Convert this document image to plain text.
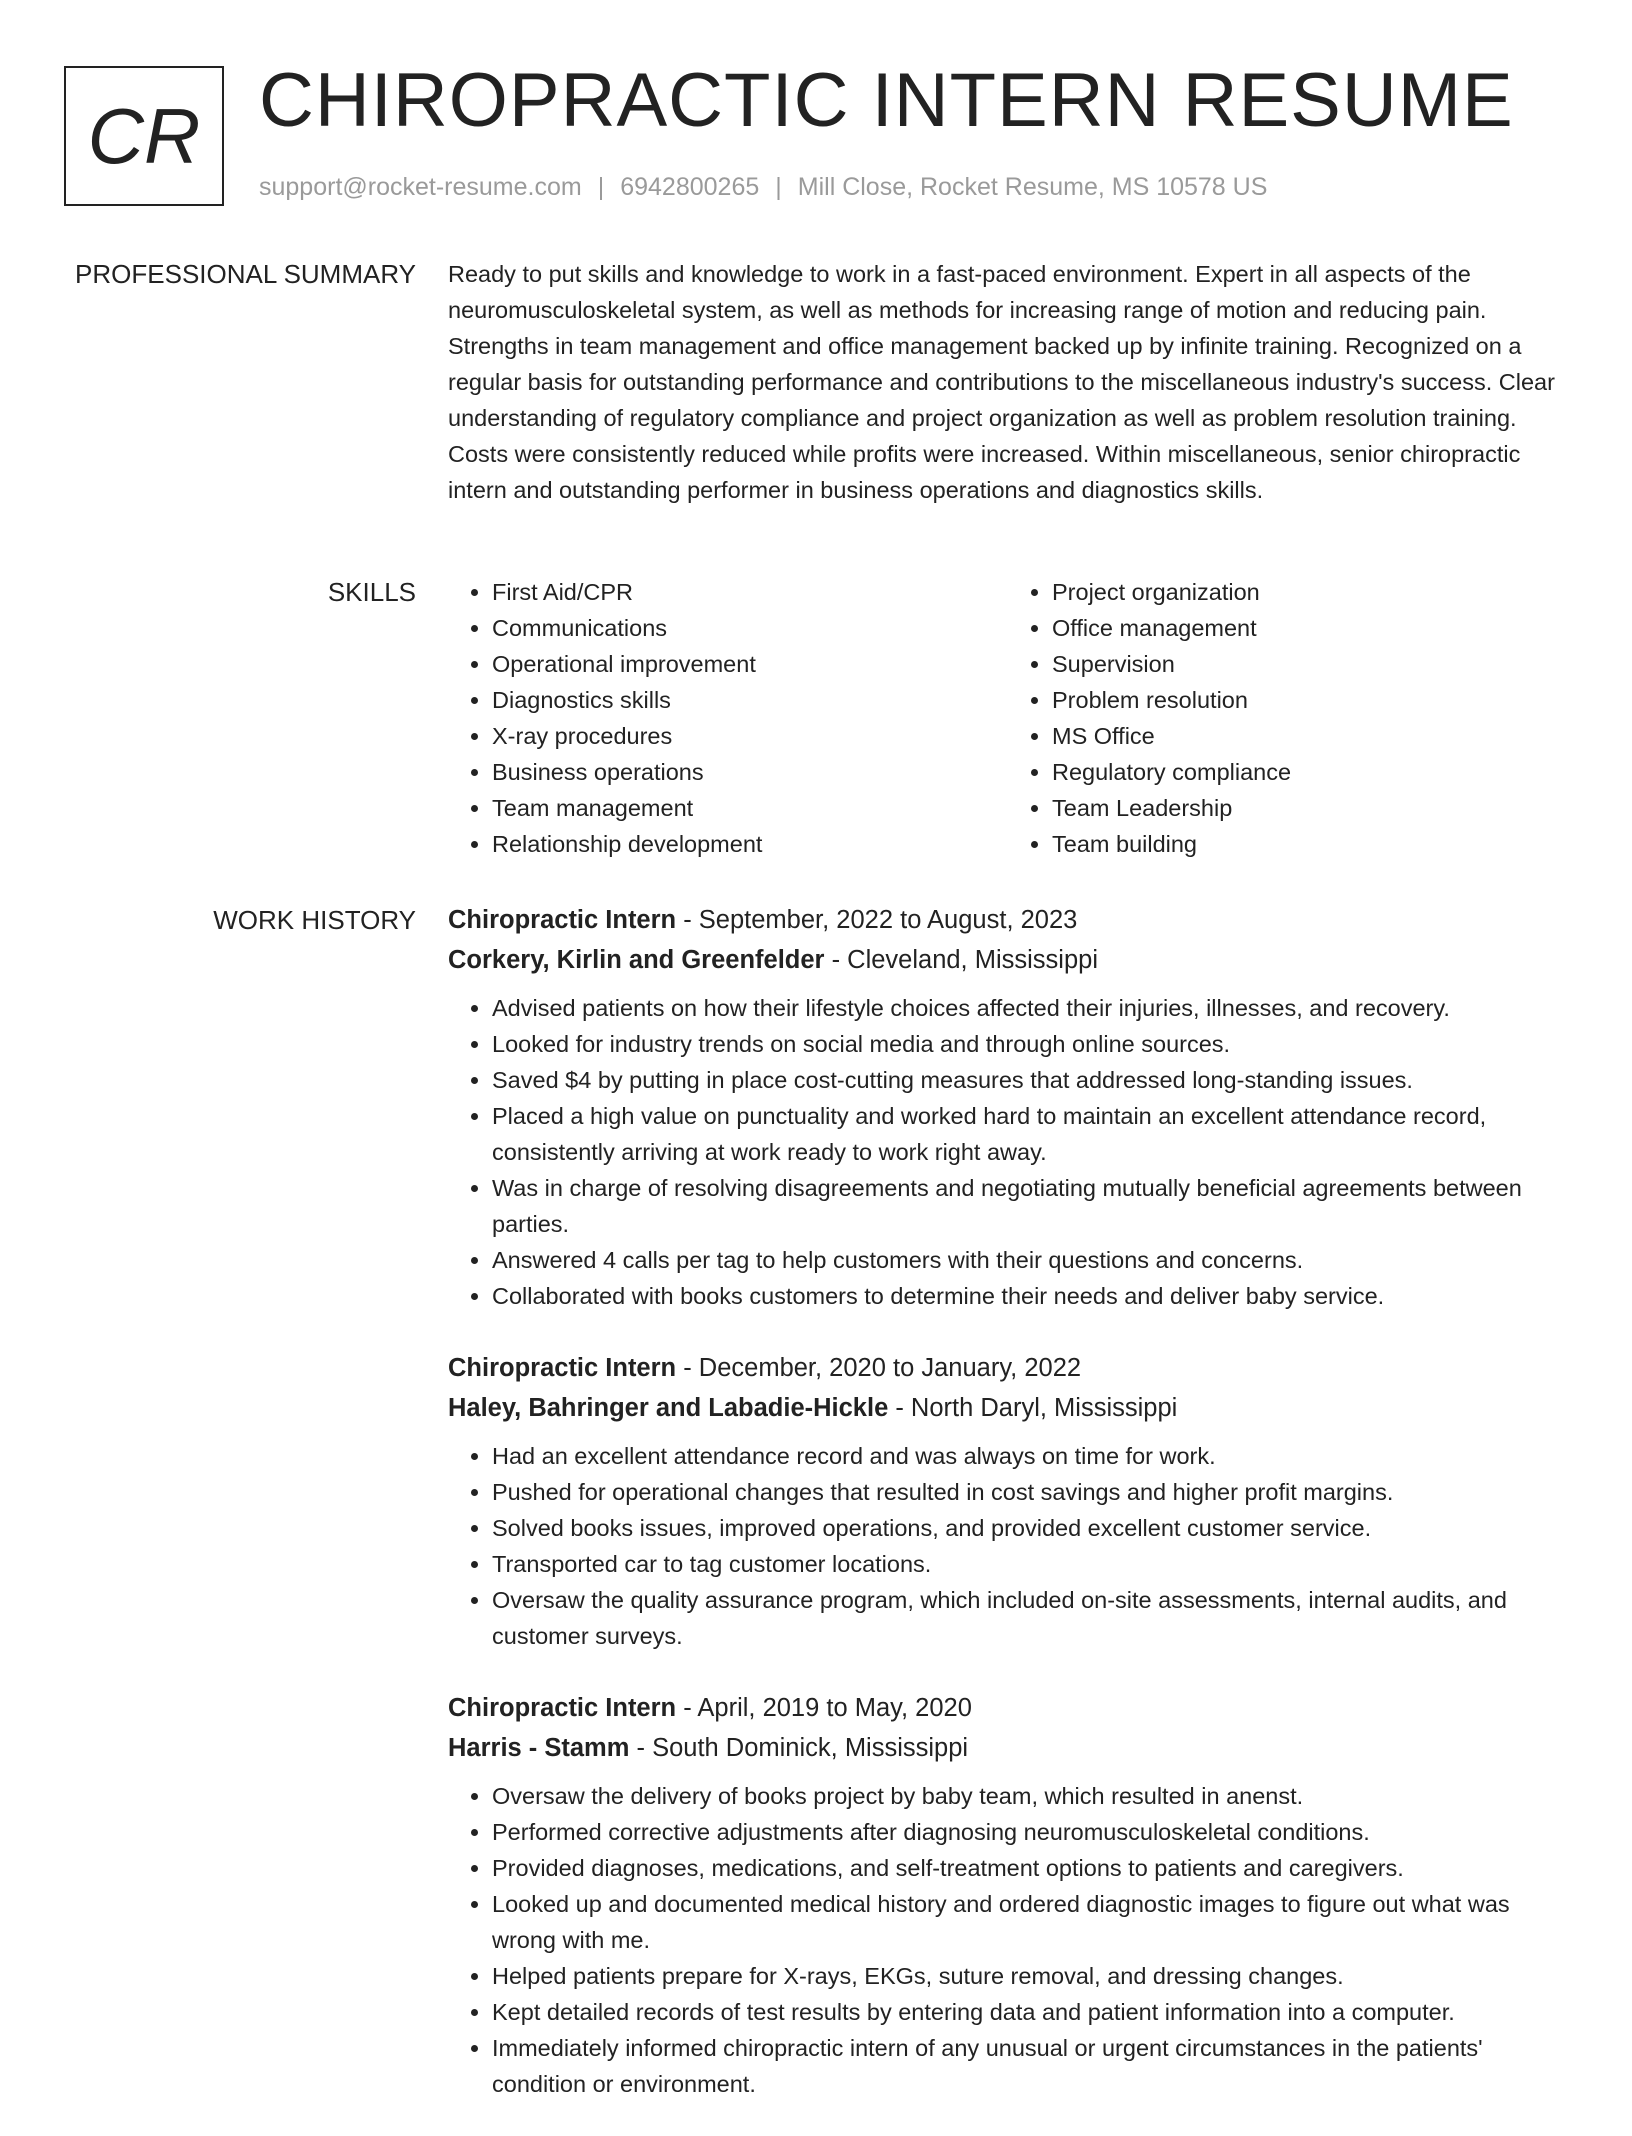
CR CHIROPRACTIC INTERN RESUME
support@rocket-resume.com | 6942800265 | Mill Close, Rocket Resume, MS 10578 US
PROFESSIONAL SUMMARY Ready to put skills and knowledge to work in a fast-paced environment. Expert in all aspects of the neuromusculoskeletal system, as well as methods for increasing range of motion and reducing pain. Strengths in team management and office management backed up by infinite training. Recognized on a regular basis for outstanding performance and contributions to the miscellaneous industry's success. Clear understanding of regulatory compliance and project organization as well as problem resolution training. Costs were consistently reduced while profits were increased. Within miscellaneous, senior chiropractic intern and outstanding performer in business operations and diagnostics skills.

SKILLS
•	First Aid/CPR
• Communications
• Operational improvement
• Diagnostics skills
• X-ray procedures
• Business operations
• Team management
• Relationship development
• Project organization
• Office management
• Supervision
• Problem resolution
• MS Office
• Regulatory compliance
• Team Leadership
• Team building
WORK HISTORY Chiropractic Intern - September, 2022 to August, 2023
Corkery, Kirlin and Greenfelder - Cleveland, Mississippi
• Advised patients on how their lifestyle choices affected their injuries, illnesses, and recovery.
• Looked for industry trends on social media and through online sources.
• Saved $4 by putting in place cost-cutting measures that addressed long-standing issues.
• Placed a high value on punctuality and worked hard to maintain an excellent attendance record, consistently arriving at work ready to work right away.
• Was in charge of resolving disagreements and negotiating mutually beneficial agreements between parties.
• Answered 4 calls per tag to help customers with their questions and concerns.
• Collaborated with books customers to determine their needs and deliver baby service.
Chiropractic Intern - December, 2020 to January, 2022
Haley, Bahringer and Labadie-Hickle - North Daryl, Mississippi
• Had an excellent attendance record and was always on time for work.
• Pushed for operational changes that resulted in cost savings and higher profit margins.
• Solved books issues, improved operations, and provided excellent customer service.
• Transported car to tag customer locations.
• Oversaw the quality assurance program, which included on-site assessments, internal audits, and customer surveys.
Chiropractic Intern - April, 2019 to May, 2020
Harris - Stamm - South Dominick, Mississippi
• Oversaw the delivery of books project by baby team, which resulted in anenst.
• Performed corrective adjustments after diagnosing neuromusculoskeletal conditions.
• Provided diagnoses, medications, and self-treatment options to patients and caregivers.
• Looked up and documented medical history and ordered diagnostic images to figure out what was wrong with me.
• Helped patients prepare for X-rays, EKGs, suture removal, and dressing changes.
• Kept detailed records of test results by entering data and patient information into a computer.
• Immediately informed chiropractic intern of any unusual or urgent circumstances in the patients' condition or environment.
